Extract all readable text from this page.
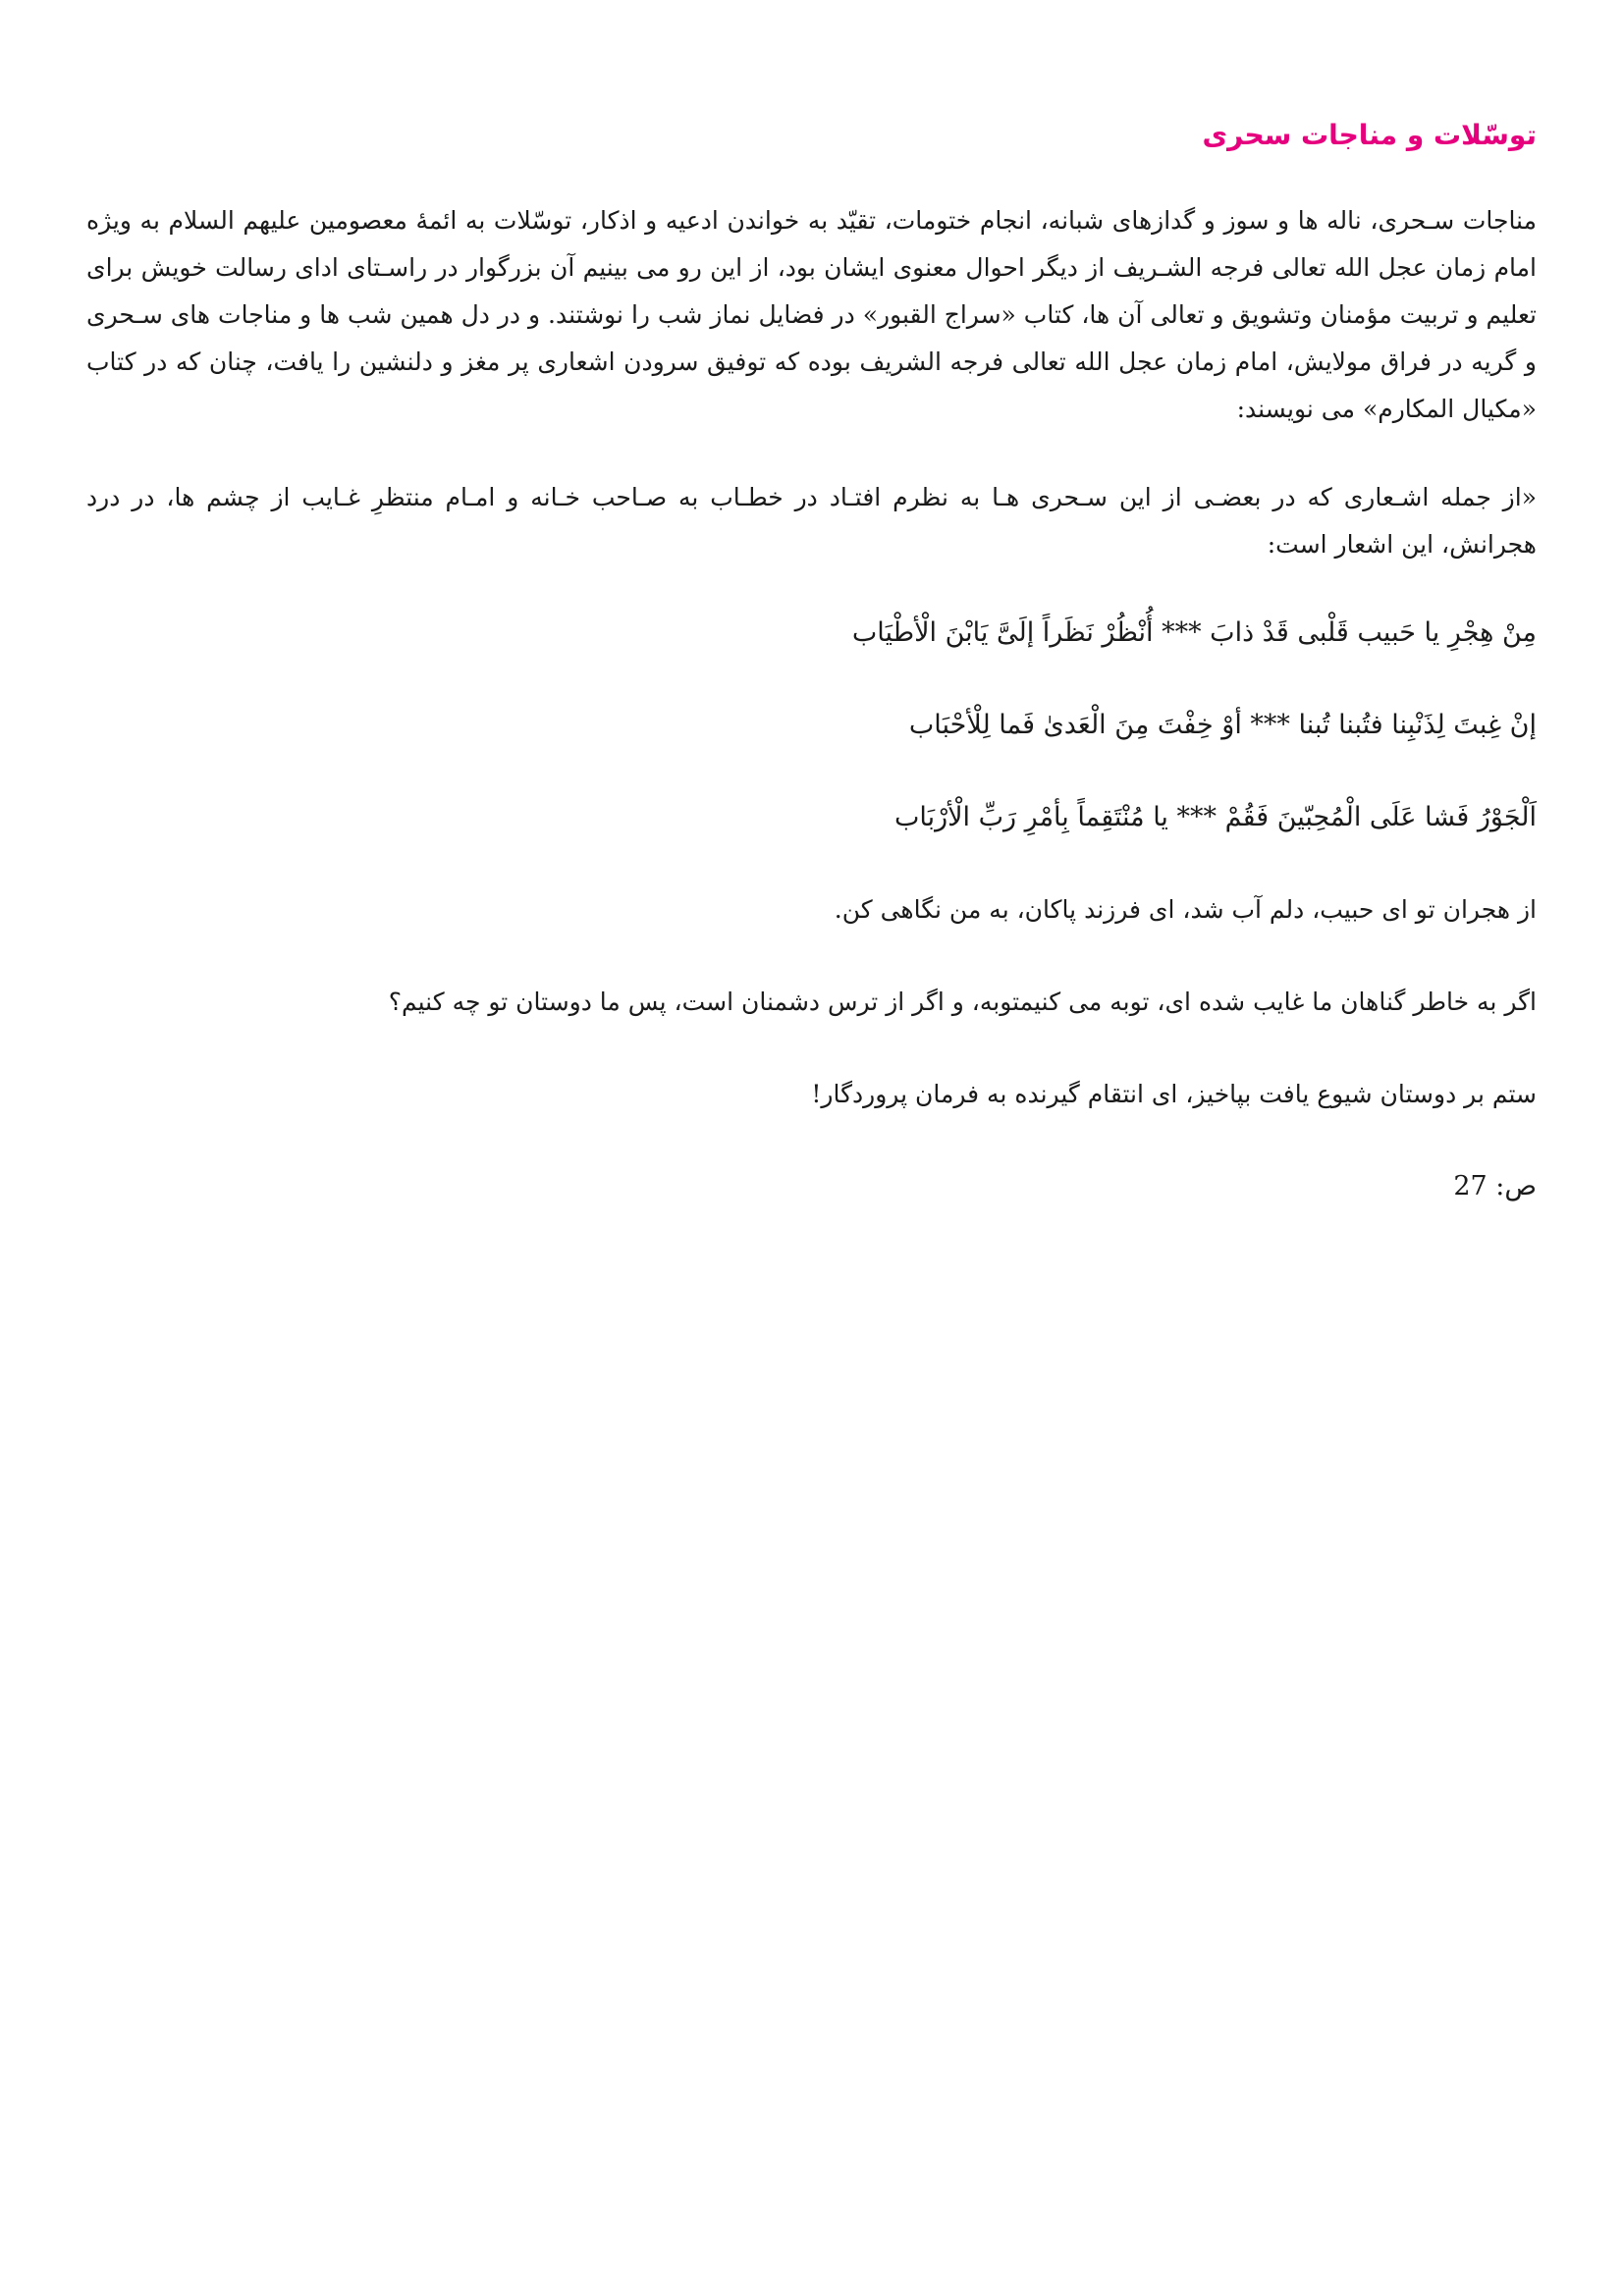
توسّلات و مناجات سحری

مناجات سـحری، ناله ها و سوز و گدازهای شبانه، انجام ختومات، تقیّد به خواندن ادعیه و اذکار، توسّلات به ائمهٔ معصومین علیهم السلام به ویژه امام زمان عجل الله تعالی فرجه الشـریف از دیگر احوال معنوی ایشان بود، از این رو می بینیم آن بزرگوار در راسـتای ادای رسالت خویش برای تعلیم و تربیت مؤمنان وتشویق و تعالی آن ها، کتاب «سراج القبور» در فضایل نماز شب را نوشتند. و در دل همین شب ها و مناجات های سـحری و گریه در فراق مولایش، امام زمان عجل الله تعالی فرجه الشریف بوده که توفیق سرودن اشعاری پر مغز و دلنشین را یافت، چنان که در کتاب «مکیال المکارم» می نویسند:

«از جمله اشـعاری که در بعضـی از این سـحری هـا به نظرم افتـاد در خطـاب به صـاحب خـانه و امـام منتظرِ غـایب از چشم ها، در درد هجرانش، این اشعار است:

مِنْ هِجْرِ یا حَبیب قَلْبی قَدْ ذابَ *** أُنْظُرْ نَظَراً إلَیَّ یَابْنَ الْأطْیَاب

إنْ غِبتَ لِذَنْبِنا فتُبنا تُبنا *** أوْ خِفْتَ مِنَ الْعَدیٰ فَما لِلْأحْبَاب

اَلْجَوْرُ فَشا عَلَی الْمُحِبّینَ فَقُمْ *** یا مُنْتَقِماً بِأمْرِ رَبِّ الْأرْبَاب

از هجران تو ای حبیب، دلم آب شد، ای فرزند پاکان، به من نگاهی کن.

اگر به خاطر گناهان ما غایب شده ای، توبه می کنیمتوبه، و اگر از ترس دشمنان است، پس ما دوستان تو چه کنیم؟

ستم بر دوستان شیوع یافت بپاخیز، ای انتقام گیرنده به فرمان پروردگار!

ص: 27
